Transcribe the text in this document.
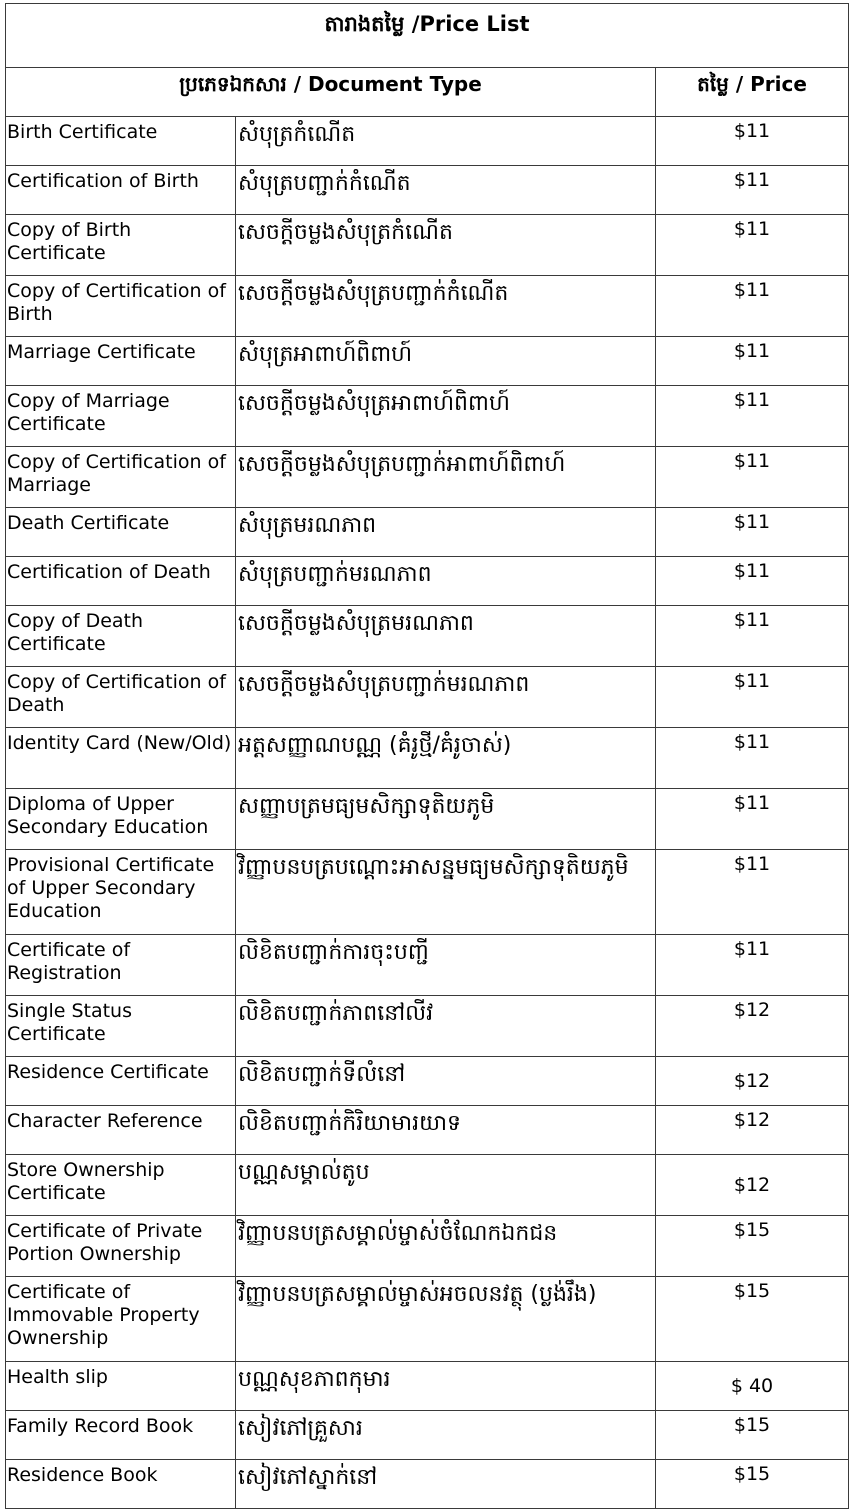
តារាងតម្លៃ /Price List		
ប្រភេទឯកសារ / Document Type		តម្លៃ / Price
Birth Certificate	សំបុត្រកំណើត	$11
Certification of Birth	សំបុត្របញ្ជាក់កំណើត	$11
Copy of Birth Certificate	សេចក្តីចម្លងសំបុត្រកំណើត	$11
Copy of Certification of Birth	សេចក្តីចម្លងសំបុត្របញ្ជាក់កំណើត	$11
Marriage Certificate	សំបុត្រអាពាហ៍ពិពាហ៍	$11
Copy of Marriage Certificate	សេចក្តីចម្លងសំបុត្រអាពាហ៍ពិពាហ៍	$11
Copy of Certification of Marriage	សេចក្តីចម្លងសំបុត្របញ្ជាក់អាពាហ៍ពិពាហ៍	$11
Death Certificate	សំបុត្រមរណភាព	$11
Certification of Death	សំបុត្របញ្ជាក់មរណភាព	$11
Copy of Death Certificate	សេចក្តីចម្លងសំបុត្រមរណភាព	$11
Copy of Certification of Death	សេចក្តីចម្លងសំបុត្របញ្ជាក់មរណភាព	$11
Identity Card (New/Old)	អត្តសញ្ញាណបណ្ណ (គំរូថ្មី/គំរូចាស់)	$11
Diploma of Upper Secondary Education	សញ្ញាបត្រមធ្យមសិក្សាទុតិយភូមិ	$11
Provisional Certificate of Upper Secondary Education	វិញ្ញាបនបត្របណ្តោះអាសន្នមធ្យមសិក្សាទុតិយភូមិ	$11
Certificate of Registration	លិខិតបញ្ជាក់ការចុះបញ្ជី	$11
Single Status Certificate	លិខិតបញ្ជាក់ភាពនៅលីវ	$12
Residence Certificate	លិខិតបញ្ជាក់ទីលំនៅ	$12
Character Reference	លិខិតបញ្ជាក់កិរិយាមារយាទ	$12
Store Ownership Certificate	បណ្ណសម្គាល់តូប	$12
Certificate of Private Portion Ownership	វិញ្ញាបនបត្រសម្គាល់ម្ចាស់ចំណែកឯកជន	$15
Certificate of Immovable Property Ownership	វិញ្ញាបនបត្រសម្គាល់ម្ចាស់អចលនវត្ថុ (ប្លង់រឹង)	$15
Health slip	បណ្ណសុខភាពកុមារ	$ 40
Family Record Book	សៀវភៅគ្រួសារ	$15
Residence Book	សៀវភៅស្នាក់នៅ	$15
